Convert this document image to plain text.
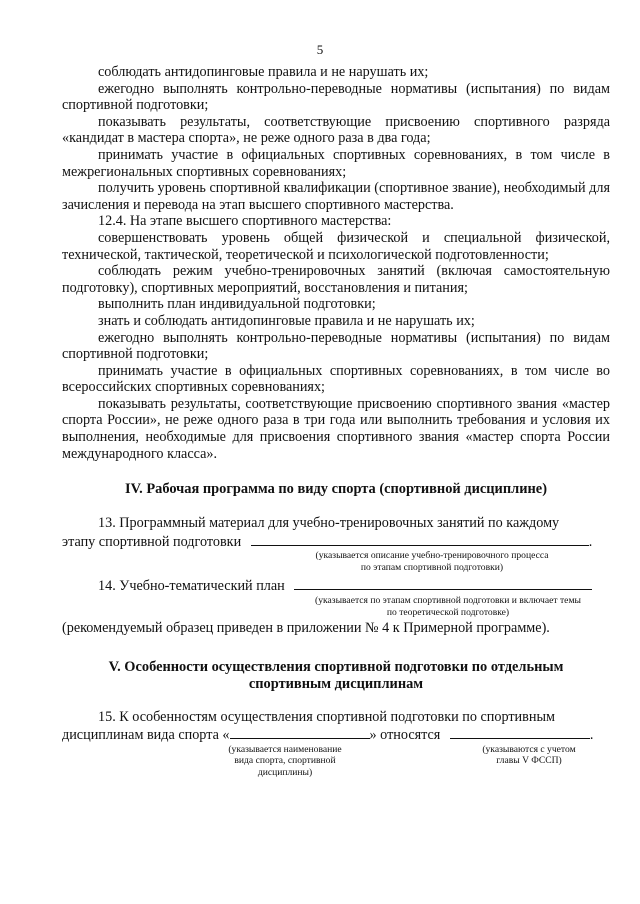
5

соблюдать антидопинговые правила и не нарушать их;

ежегодно выполнять контрольно-переводные нормативы (испытания) по видам спортивной подготовки;

показывать результаты, соответствующие присвоению спортивного разряда «кандидат в мастера спорта», не реже одного раза в два года;

принимать участие в официальных спортивных соревнованиях, в том числе в межрегиональных спортивных соревнованиях;

получить уровень спортивной квалификации (спортивное звание), необходимый для зачисления и перевода на этап высшего спортивного мастерства.

12.4. На этапе высшего спортивного мастерства:

совершенствовать уровень общей физической и специальной физической, технической, тактической, теоретической и психологической подготовленности;

соблюдать режим учебно-тренировочных занятий (включая самостоятельную подготовку), спортивных мероприятий, восстановления и питания;

выполнить план индивидуальной подготовки;

знать и соблюдать антидопинговые правила и не нарушать их;

ежегодно выполнять контрольно-переводные нормативы (испытания) по видам спортивной подготовки;

принимать участие в официальных спортивных соревнованиях, в том числе во всероссийских спортивных соревнованиях;

показывать результаты, соответствующие присвоению спортивного звания «мастер спорта России», не реже одного раза в три года или выполнить требования и условия их выполнения, необходимые для присвоения спортивного звания «мастер спорта России международного класса».

IV. Рабочая программа по виду спорта (спортивной дисциплине)

13. Программный материал для учебно-тренировочных занятий по каждому

этапу спортивной подготовки	.

(указывается описание учебно-тренировочного процесса

по этапам спортивной подготовки)

14. Учебно-тематический план

(указывается по этапам спортивной подготовки и включает темы

по теоретической подготовке)

(рекомендуемый образец приведен в приложении № 4 к Примерной программе).

V. Особенности осуществления спортивной подготовки по отдельным

спортивным дисциплинам

15. К особенностям осуществления спортивной подготовки по спортивным

дисциплинам вида спорта «	» относятся	.

(указывается наименование

вида спорта, спортивной

дисциплины)

(указываются с учетом

главы V ФССП)
